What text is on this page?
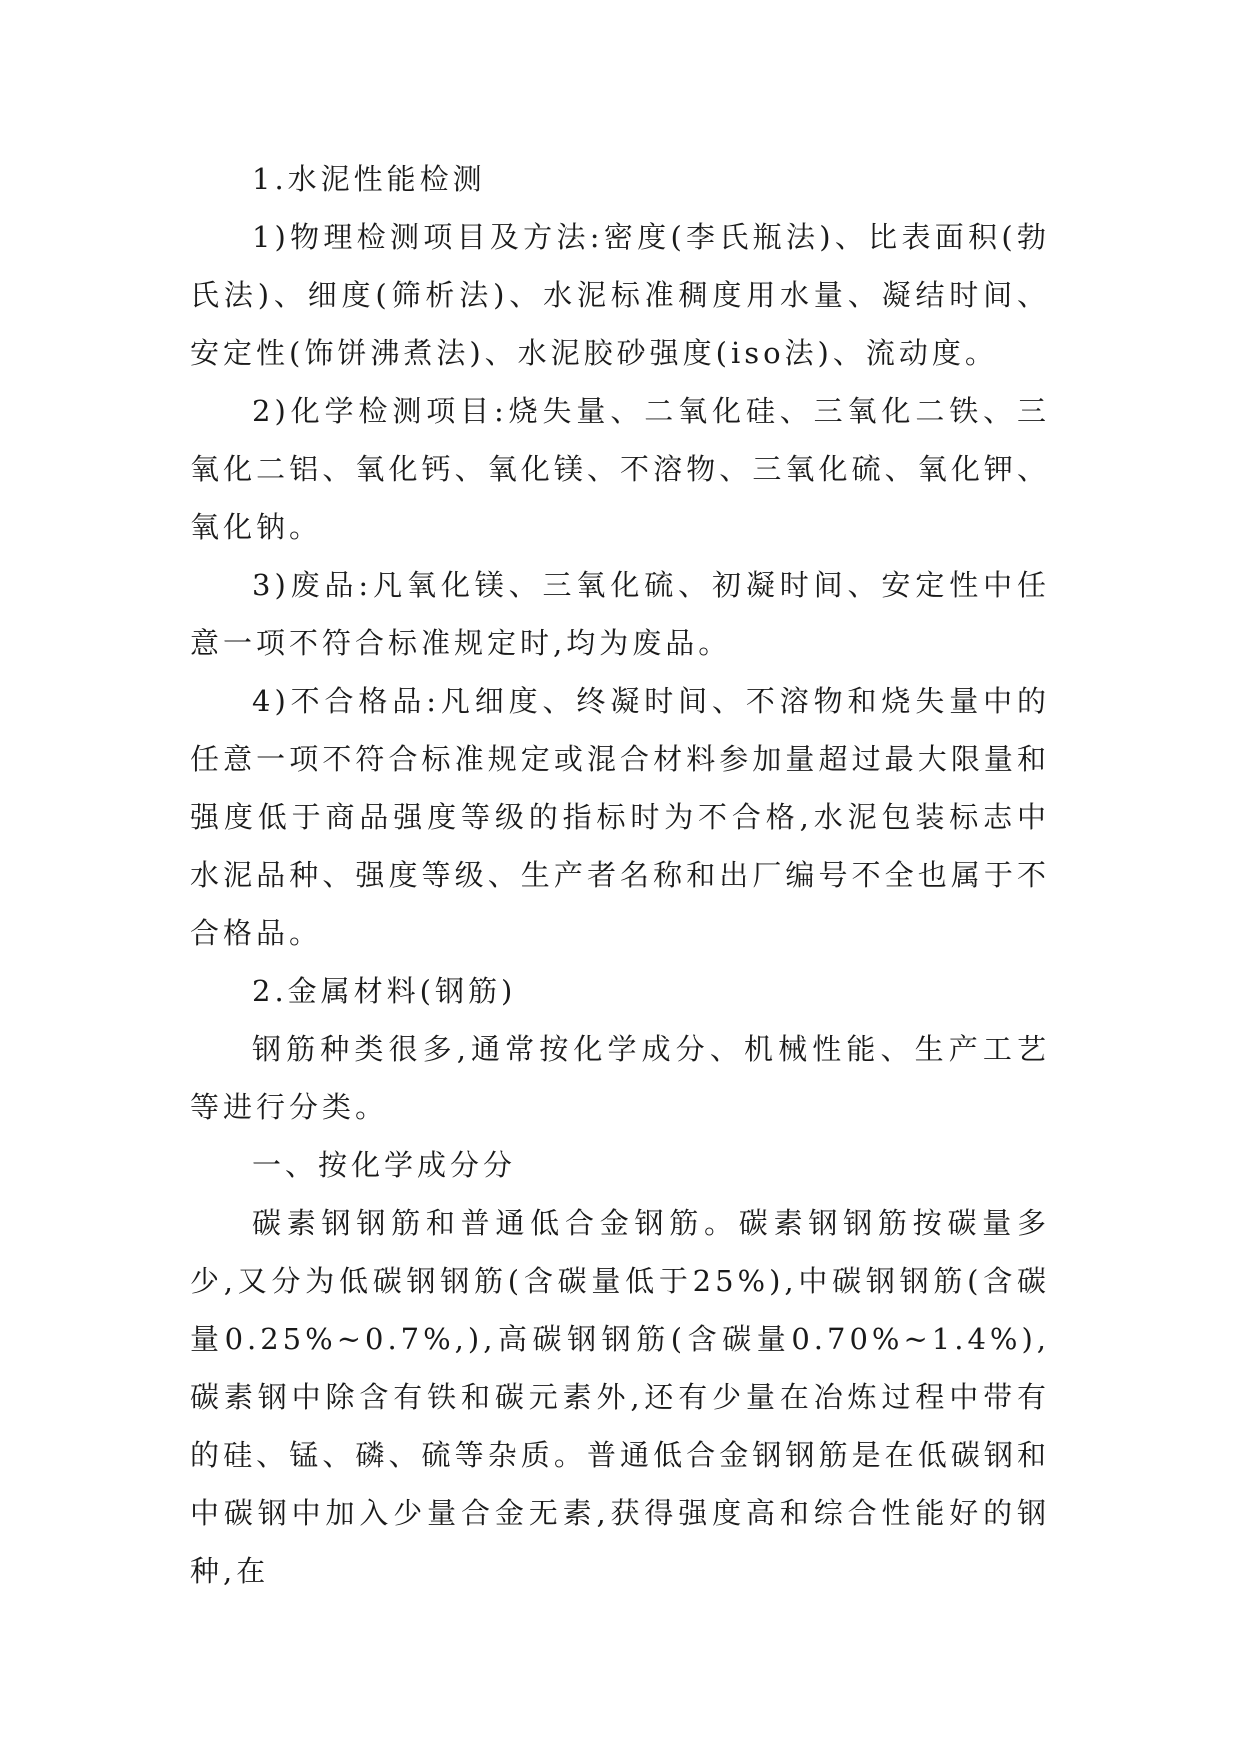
1.水泥性能检测

1)物理检测项目及方法:密度(李氏瓶法)、比表面积(勃氏法)、细度(筛析法)、水泥标准稠度用水量、凝结时间、安定性(饰饼沸煮法)、水泥胶砂强度(iso法)、流动度。

2)化学检测项目:烧失量、二氧化硅、三氧化二铁、三氧化二铝、氧化钙、氧化镁、不溶物、三氧化硫、氧化钾、氧化钠。

3)废品:凡氧化镁、三氧化硫、初凝时间、安定性中任意一项不符合标准规定时,均为废品。

4)不合格品:凡细度、终凝时间、不溶物和烧失量中的任意一项不符合标准规定或混合材料参加量超过最大限量和强度低于商品强度等级的指标时为不合格,水泥包装标志中水泥品种、强度等级、生产者名称和出厂编号不全也属于不合格品。

2.金属材料(钢筋)

钢筋种类很多,通常按化学成分、机械性能、生产工艺等进行分类。

一、按化学成分分

碳素钢钢筋和普通低合金钢筋。碳素钢钢筋按碳量多少,又分为低碳钢钢筋(含碳量低于25%),中碳钢钢筋(含碳量0.25%~0.7%,),高碳钢钢筋(含碳量0.70%~1.4%),碳素钢中除含有铁和碳元素外,还有少量在冶炼过程中带有的硅、锰、磷、硫等杂质。普通低合金钢钢筋是在低碳钢和中碳钢中加入少量合金无素,获得强度高和综合性能好的钢种,在
